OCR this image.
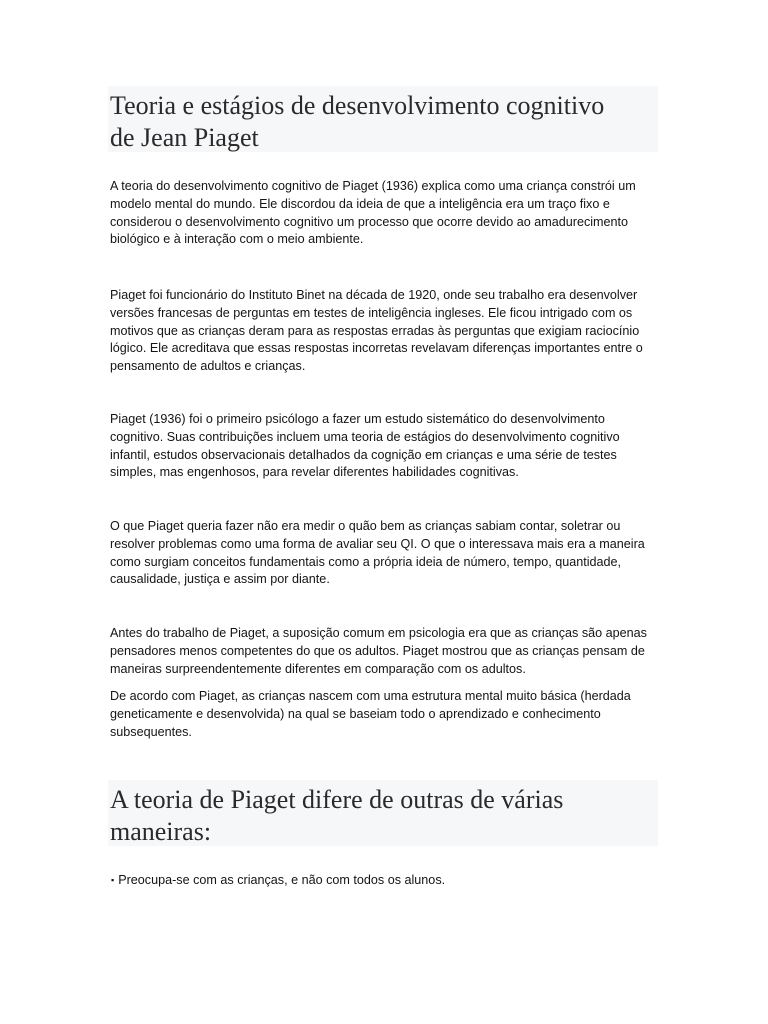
Teoria e estágios de desenvolvimento cognitivo
de Jean Piaget
A teoria do desenvolvimento cognitivo de Piaget (1936) explica como uma criança constrói um
modelo mental do mundo. Ele discordou da ideia de que a inteligência era um traço fixo e
considerou o desenvolvimento cognitivo um processo que ocorre devido ao amadurecimento
biológico e à interação com o meio ambiente.
Piaget foi funcionário do Instituto Binet na década de 1920, onde seu trabalho era desenvolver
versões francesas de perguntas em testes de inteligência ingleses. Ele ficou intrigado com os
motivos que as crianças deram para as respostas erradas às perguntas que exigiam raciocínio
lógico. Ele acreditava que essas respostas incorretas revelavam diferenças importantes entre o
pensamento de adultos e crianças.
Piaget (1936) foi o primeiro psicólogo a fazer um estudo sistemático do desenvolvimento
cognitivo. Suas contribuições incluem uma teoria de estágios do desenvolvimento cognitivo
infantil, estudos observacionais detalhados da cognição em crianças e uma série de testes
simples, mas engenhosos, para revelar diferentes habilidades cognitivas.
O que Piaget queria fazer não era medir o quão bem as crianças sabiam contar, soletrar ou
resolver problemas como uma forma de avaliar seu QI. O que o interessava mais era a maneira
como surgiam conceitos fundamentais como a própria ideia de número, tempo, quantidade,
causalidade, justiça e assim por diante.
Antes do trabalho de Piaget, a suposição comum em psicologia era que as crianças são apenas
pensadores menos competentes do que os adultos. Piaget mostrou que as crianças pensam de
maneiras surpreendentemente diferentes em comparação com os adultos.
De acordo com Piaget, as crianças nascem com uma estrutura mental muito básica (herdada
geneticamente e desenvolvida) na qual se baseiam todo o aprendizado e conhecimento
subsequentes.
A teoria de Piaget difere de outras de várias
maneiras:
▪ Preocupa-se com as crianças, e não com todos os alunos.
